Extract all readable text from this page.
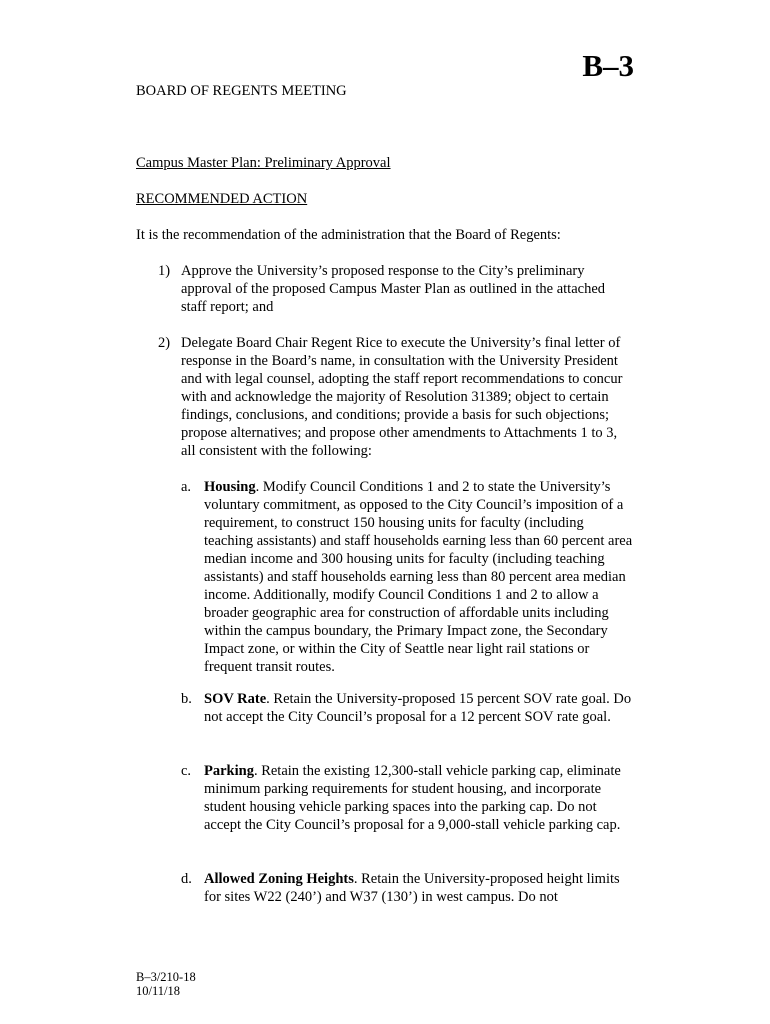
B–3
BOARD OF REGENTS MEETING
Campus Master Plan: Preliminary Approval
RECOMMENDED ACTION
It is the recommendation of the administration that the Board of Regents:
1) Approve the University’s proposed response to the City’s preliminary approval of the proposed Campus Master Plan as outlined in the attached staff report; and
2) Delegate Board Chair Regent Rice to execute the University’s final letter of response in the Board’s name, in consultation with the University President and with legal counsel, adopting the staff report recommendations to concur with and acknowledge the majority of Resolution 31389; object to certain findings, conclusions, and conditions; provide a basis for such objections; propose alternatives; and propose other amendments to Attachments 1 to 3, all consistent with the following:
a. Housing. Modify Council Conditions 1 and 2 to state the University’s voluntary commitment, as opposed to the City Council’s imposition of a requirement, to construct 150 housing units for faculty (including teaching assistants) and staff households earning less than 60 percent area median income and 300 housing units for faculty (including teaching assistants) and staff households earning less than 80 percent area median income. Additionally, modify Council Conditions 1 and 2 to allow a broader geographic area for construction of affordable units including within the campus boundary, the Primary Impact zone, the Secondary Impact zone, or within the City of Seattle near light rail stations or frequent transit routes.
b. SOV Rate. Retain the University-proposed 15 percent SOV rate goal. Do not accept the City Council’s proposal for a 12 percent SOV rate goal.
c. Parking. Retain the existing 12,300-stall vehicle parking cap, eliminate minimum parking requirements for student housing, and incorporate student housing vehicle parking spaces into the parking cap. Do not accept the City Council’s proposal for a 9,000-stall vehicle parking cap.
d. Allowed Zoning Heights. Retain the University-proposed height limits for sites W22 (240’) and W37 (130’) in west campus. Do not
B–3/210-18
10/11/18
